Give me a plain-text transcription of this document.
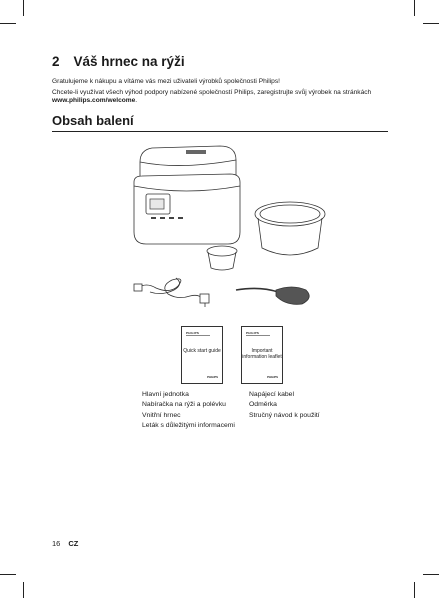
2 Váš hrnec na rýži

Gratulujeme k nákupu a vítáme vás mezi uživateli výrobků společnosti Philips!

Chcete-li využívat všech výhod podpory nabízené společností Philips, zaregistrujte svůj výrobek na stránkách
www.philips.com/welcome.

Obsah balení
PHILIPS
Quick start guide
PHILIPS
PHILIPS
Important information leaflet
PHILIPS
Hlavní jednotka
Nabíračka na rýži a polévku
Vnitřní hrnec
Leták s důležitými informacemi
Napájecí kabel
Odměrka
Stručný návod k použití
16 CZ
